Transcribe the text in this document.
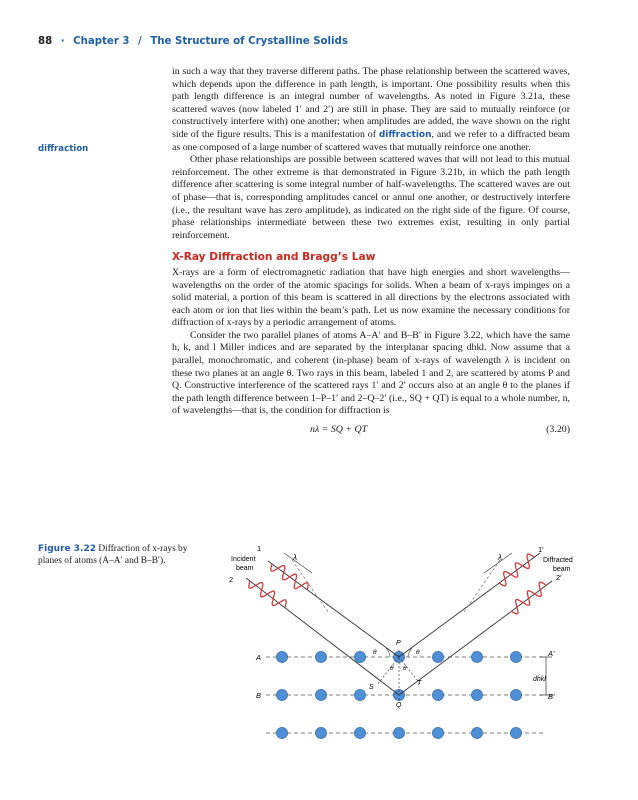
88 · Chapter 3 / The Structure of Crystalline Solids
diffraction

in such a way that they traverse different paths. The phase relationship between the scattered waves, which depends upon the difference in path length, is important. One possibility results when this path length difference is an integral number of wavelengths. As noted in Figure 3.21a, these scattered waves (now labeled 1′ and 2′) are still in phase. They are said to mutually reinforce (or constructively interfere with) one another; when amplitudes are added, the wave shown on the right side of the figure results. This is a manifestation of diffraction, and we refer to a diffracted beam as one composed of a large number of scattered waves that mutually reinforce one another.

Other phase relationships are possible between scattered waves that will not lead to this mutual reinforcement. The other extreme is that demonstrated in Figure 3.21b, in which the path length difference after scattering is some integral number of half-wavelengths. The scattered waves are out of phase—that is, corresponding amplitudes cancel or annul one another, or destructively interfere (i.e., the resultant wave has zero amplitude), as indicated on the right side of the figure. Of course, phase relationships intermediate between these two extremes exist, resulting in only partial reinforcement.

X-Ray Diffraction and Bragg’s Law

X-rays are a form of electromagnetic radiation that have high energies and short wavelengths—wavelengths on the order of the atomic spacings for solids. When a beam of x-rays impinges on a solid material, a portion of this beam is scattered in all directions by the electrons associated with each atom or ion that lies within the beam’s path. Let us now examine the necessary conditions for diffraction of x-rays by a periodic arrangement of atoms.

Consider the two parallel planes of atoms A–A′ and B–B′ in Figure 3.22, which have the same h, k, and l Miller indices and are separated by the interplanar spacing dhkl. Now assume that a parallel, monochromatic, and coherent (in-phase) beam of x-rays of wavelength λ is incident on these two planes at an angle θ. Two rays in this beam, labeled 1 and 2, are scattered by atoms P and Q. Constructive interference of the scattered rays 1′ and 2′ occurs also at an angle θ to the planes if the path length difference between 1–P–1′ and 2–Q–2′ (i.e., SQ + QT) is equal to a whole number, n, of wavelengths—that is, the condition for diffraction is

nλ = SQ + QT	(3.20)
Figure 3.22 Diffraction of x-rays by planes of atoms (A–A′ and B–B′).
1
Incident
beam
2
1′
Diffracted
beam
2′
λ	λ
A	A′
B	B′
P
Q
S
T
θ	θ
θ θ
dhkl
